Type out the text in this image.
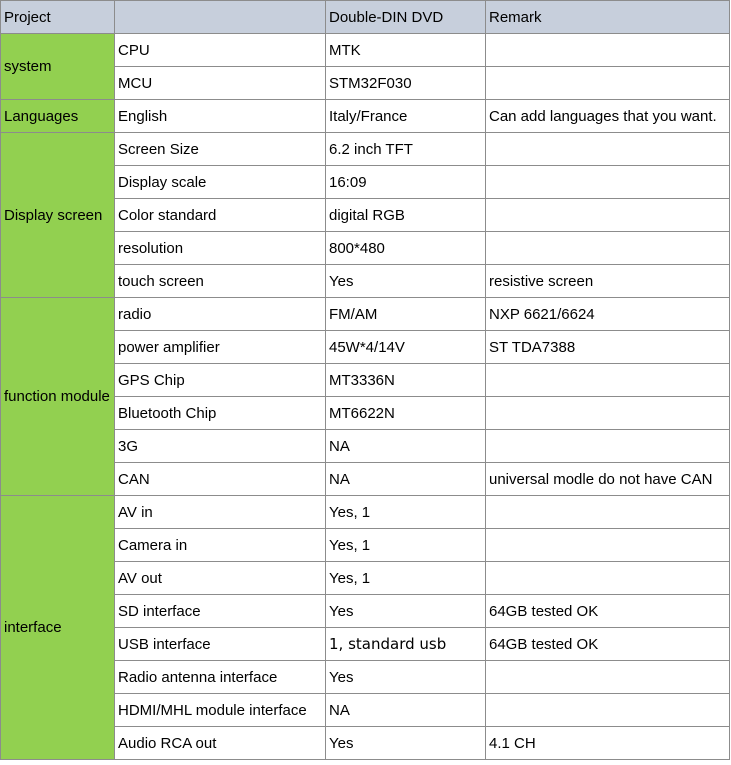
Project		Double-DIN DVD	Remark
system	CPU	MTK	
	MCU	STM32F030	
Languages	English	Italy/France	Can add languages that you want.
Display screen	Screen Size	6.2 inch TFT	
	Display scale	16:09	
	Color standard	digital RGB	
	resolution	800*480	
	touch screen	Yes	resistive screen
function module	radio	FM/AM	NXP 6621/6624
	power amplifier	45W*4/14V	ST TDA7388
	GPS Chip	MT3336N	
	Bluetooth Chip	MT6622N	
	3G	NA	
	CAN	NA	universal modle do not have CAN
interface	AV in	Yes, 1	
	Camera in	Yes, 1	
	AV out	Yes, 1	
	SD interface	Yes	64GB tested OK
	USB interface	1, standard usb	64GB tested OK
	Radio antenna interface	Yes	
	HDMI/MHL module interface	NA	
	Audio RCA out	Yes	4.1 CH
